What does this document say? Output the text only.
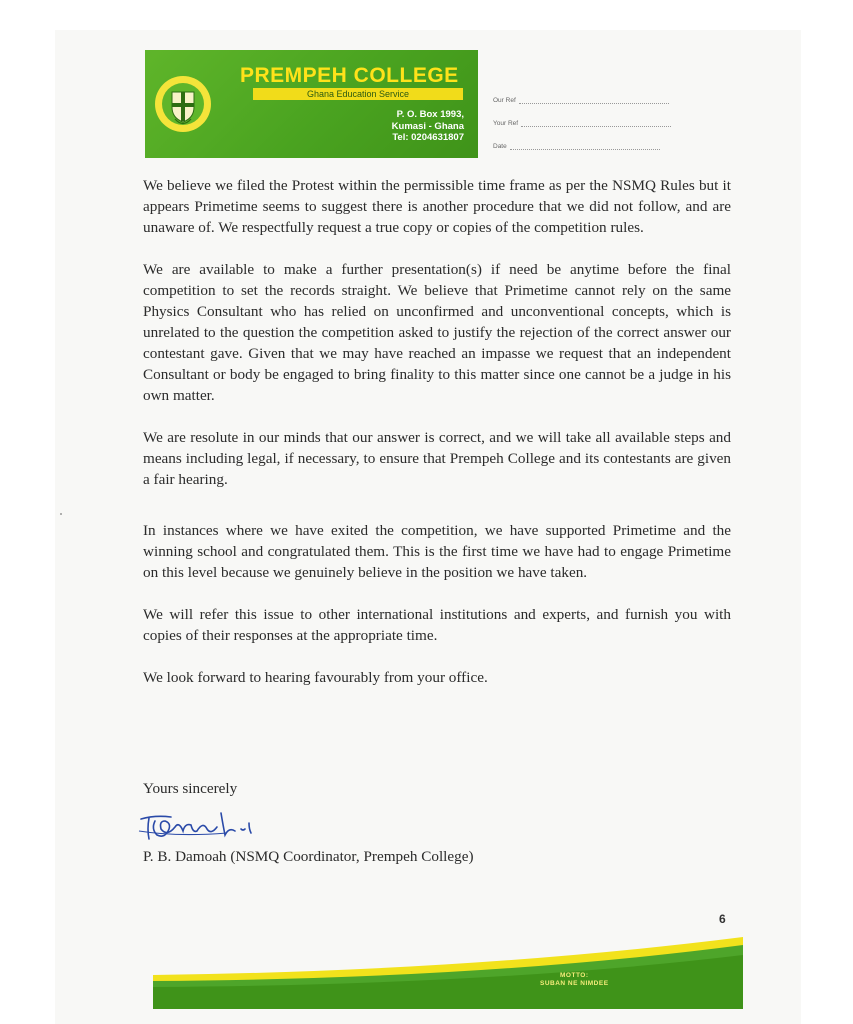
PREMPEH COLLEGE
Ghana Education Service
P. O. Box 1993,
Kumasi - Ghana
Tel: 0204631807
Our Ref
Your Ref
Date

We believe we filed the Protest within the permissible time frame as per the NSMQ Rules but it appears Primetime seems to suggest there is another procedure that we did not follow, and are unaware of. We respectfully request a true copy or copies of the competition rules.

We are available to make a further presentation(s) if need be anytime before the final competition to set the records straight. We believe that Primetime cannot rely on the same Physics Consultant who has relied on unconfirmed and unconventional concepts, which is unrelated to the question the competition asked to justify the rejection of the correct answer our contestant gave. Given that we may have reached an impasse we request that an independent Consultant or body be engaged to bring finality to this matter since one cannot be a judge in his own matter.

We are resolute in our minds that our answer is correct, and we will take all available steps and means including legal, if necessary, to ensure that Prempeh College and its contestants are given a fair hearing.

In instances where we have exited the competition, we have supported Primetime and the winning school and congratulated them. This is the first time we have had to engage Primetime on this level because we genuinely believe in the position we have taken.

We will refer this issue to other international institutions and experts, and furnish you with copies of their responses at the appropriate time.

We look forward to hearing favourably from your office.

Yours sincerely
P. B. Damoah (NSMQ Coordinator, Prempeh College)
6
MOTTO:
SUBAN NE NIMDEE
